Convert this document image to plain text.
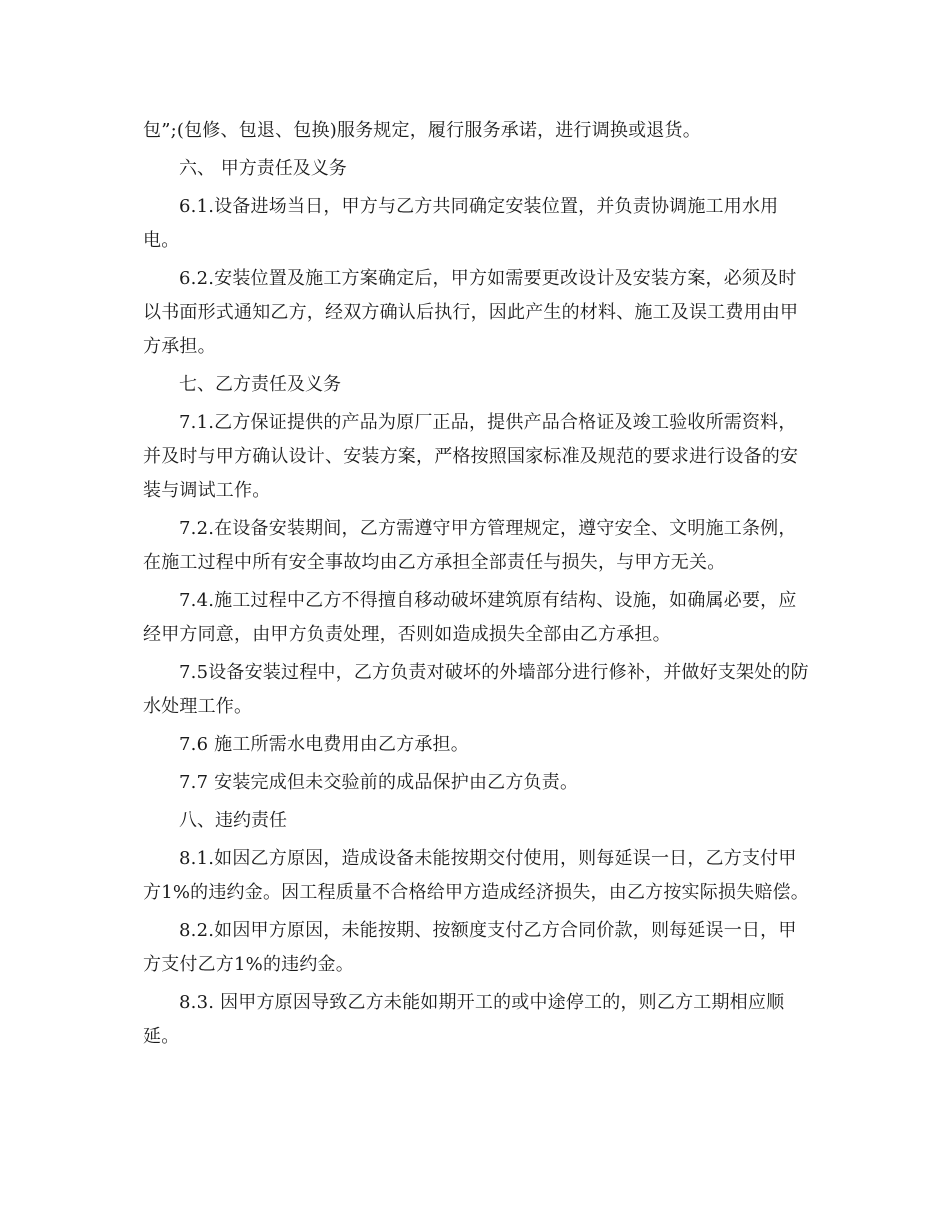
包”;(包修、包退、包换)服务规定，履行服务承诺，进行调换或退货。

六、 甲方责任及义务

6.1.设备进场当日，甲方与乙方共同确定安装位置，并负责协调施工用水用电。

6.2.安装位置及施工方案确定后，甲方如需要更改设计及安装方案，必须及时以书面形式通知乙方，经双方确认后执行，因此产生的材料、施工及误工费用由甲方承担。

七、乙方责任及义务

7.1.乙方保证提供的产品为原厂正品，提供产品合格证及竣工验收所需资料，并及时与甲方确认设计、安装方案，严格按照国家标准及规范的要求进行设备的安装与调试工作。

7.2.在设备安装期间，乙方需遵守甲方管理规定，遵守安全、文明施工条例，在施工过程中所有安全事故均由乙方承担全部责任与损失，与甲方无关。

7.4.施工过程中乙方不得擅自移动破坏建筑原有结构、设施，如确属必要，应经甲方同意，由甲方负责处理，否则如造成损失全部由乙方承担。

7.5设备安装过程中，乙方负责对破坏的外墙部分进行修补，并做好支架处的防水处理工作。

7.6 施工所需水电费用由乙方承担。

7.7 安装完成但未交验前的成品保护由乙方负责。

八、违约责任

8.1.如因乙方原因，造成设备未能按期交付使用，则每延误一日，乙方支付甲方1%的违约金。因工程质量不合格给甲方造成经济损失，由乙方按实际损失赔偿。

8.2.如因甲方原因，未能按期、按额度支付乙方合同价款，则每延误一日，甲方支付乙方1%的违约金。

8.3. 因甲方原因导致乙方未能如期开工的或中途停工的，则乙方工期相应顺延。
